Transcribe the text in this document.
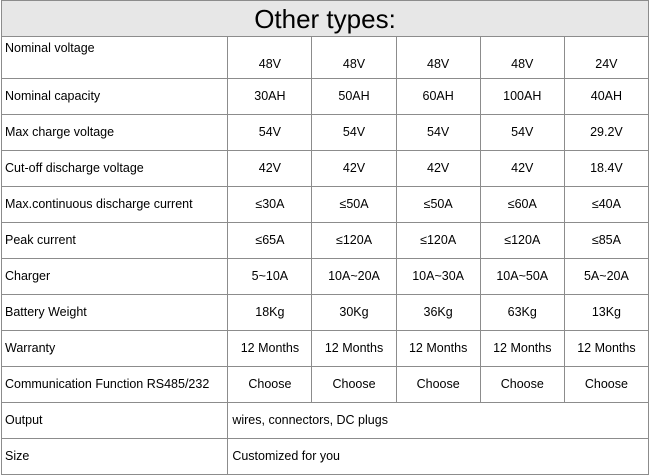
Other types:					
Nominal voltage	48V	48V	48V	48V	24V
Nominal capacity	30AH	50AH	60AH	100AH	40AH
Max charge voltage	54V	54V	54V	54V	29.2V
Cut-off discharge voltage	42V	42V	42V	42V	18.4V
Max.continuous discharge current	≤30A	≤50A	≤50A	≤60A	≤40A
Peak current	≤65A	≤120A	≤120A	≤120A	≤85A
Charger	5~10A	10A~20A	10A~30A	10A~50A	5A~20A
Battery Weight	18Kg	30Kg	36Kg	63Kg	13Kg
Warranty	12 Months	12 Months	12 Months	12 Months	12 Months
Communication Function RS485/232	Choose	Choose	Choose	Choose	Choose
Output	wires, connectors, DC plugs				
Size	Customized for you				
